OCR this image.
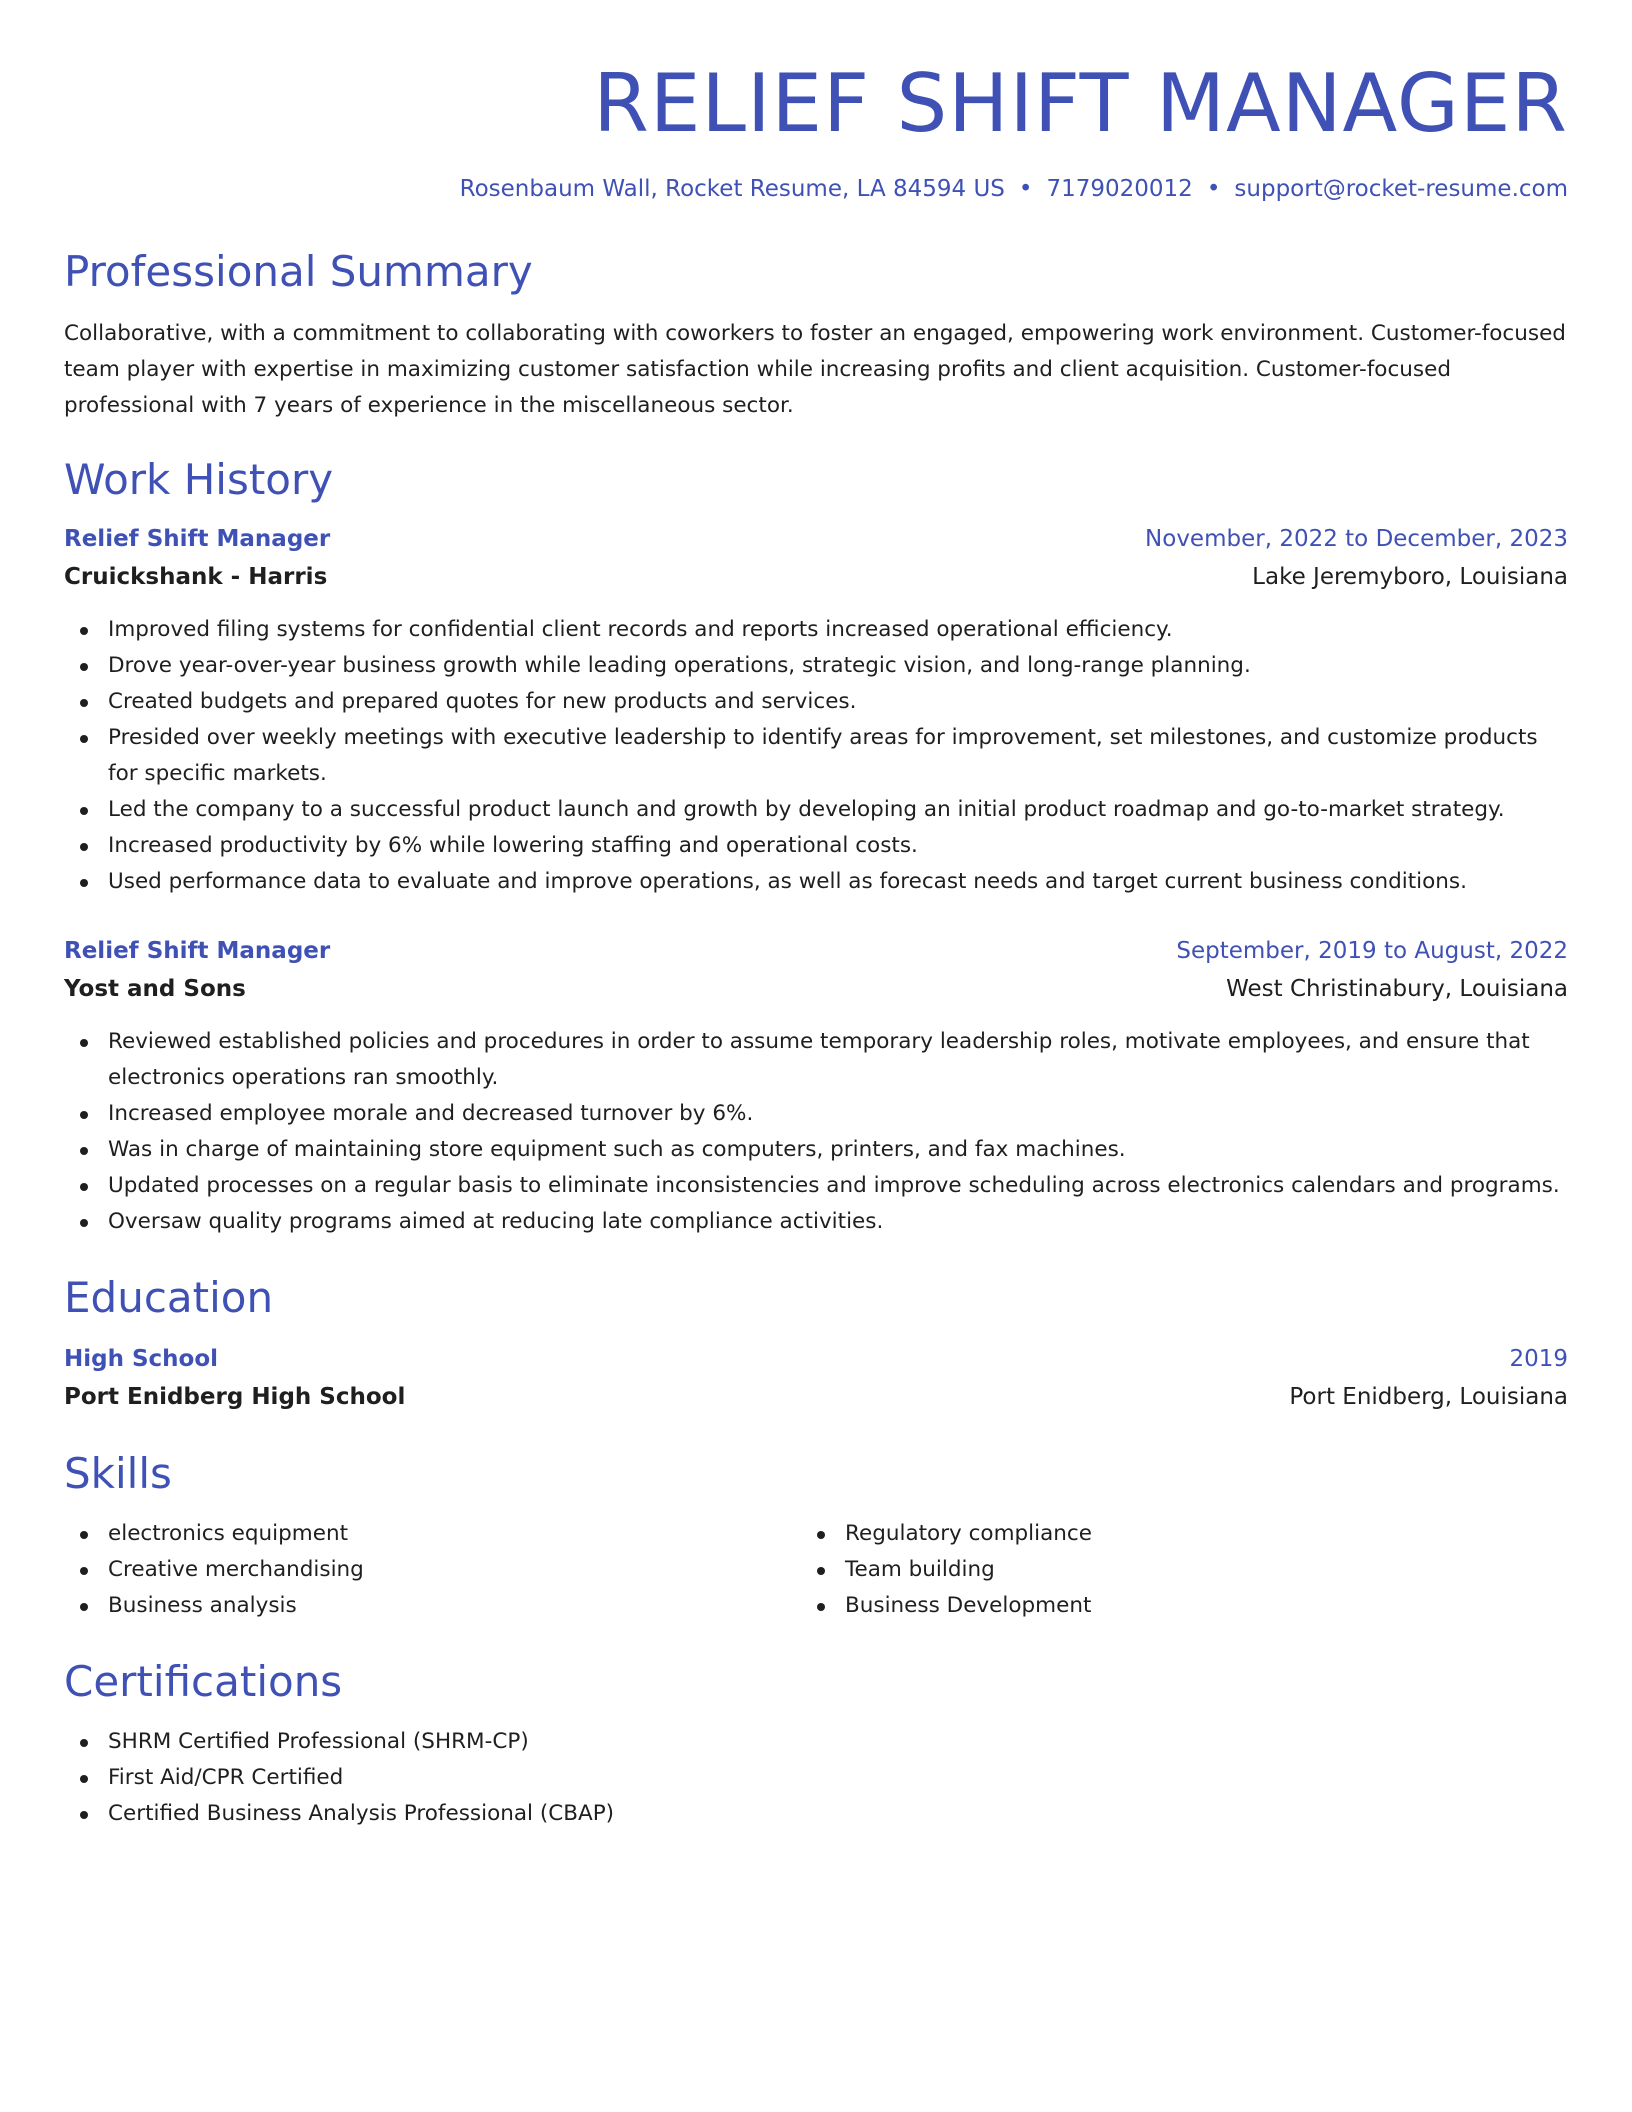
RELIEF SHIFT MANAGER
Rosenbaum Wall, Rocket Resume, LA 84594 US • 7179020012 • support@rocket-resume.com
Professional Summary

Collaborative, with a commitment to collaborating with coworkers to foster an engaged, empowering work environment. Customer-focused team player with expertise in maximizing customer satisfaction while increasing profits and client acquisition. Customer-focused professional with 7 years of experience in the miscellaneous sector.

Work History
Relief Shift Manager	November, 2022 to December, 2023
Cruickshank - Harris	Lake Jeremyboro, Louisiana
Improved filing systems for confidential client records and reports increased operational efficiency.
Drove year-over-year business growth while leading operations, strategic vision, and long-range planning.
Created budgets and prepared quotes for new products and services.
Presided over weekly meetings with executive leadership to identify areas for improvement, set milestones, and customize products for specific markets.
Led the company to a successful product launch and growth by developing an initial product roadmap and go-to-market strategy.
Increased productivity by 6% while lowering staffing and operational costs.
Used performance data to evaluate and improve operations, as well as forecast needs and target current business conditions.
Relief Shift Manager	September, 2019 to August, 2022
Yost and Sons	West Christinabury, Louisiana
Reviewed established policies and procedures in order to assume temporary leadership roles, motivate employees, and ensure that electronics operations ran smoothly.
Increased employee morale and decreased turnover by 6%.
Was in charge of maintaining store equipment such as computers, printers, and fax machines.
Updated processes on a regular basis to eliminate inconsistencies and improve scheduling across electronics calendars and programs.
Oversaw quality programs aimed at reducing late compliance activities.
Education
High School	2019
Port Enidberg High School	Port Enidberg, Louisiana
Skills
electronics equipment
Creative merchandising
Business analysis
Regulatory compliance
Team building
Business Development
Certifications
SHRM Certified Professional (SHRM-CP)
First Aid/CPR Certified
Certified Business Analysis Professional (CBAP)
